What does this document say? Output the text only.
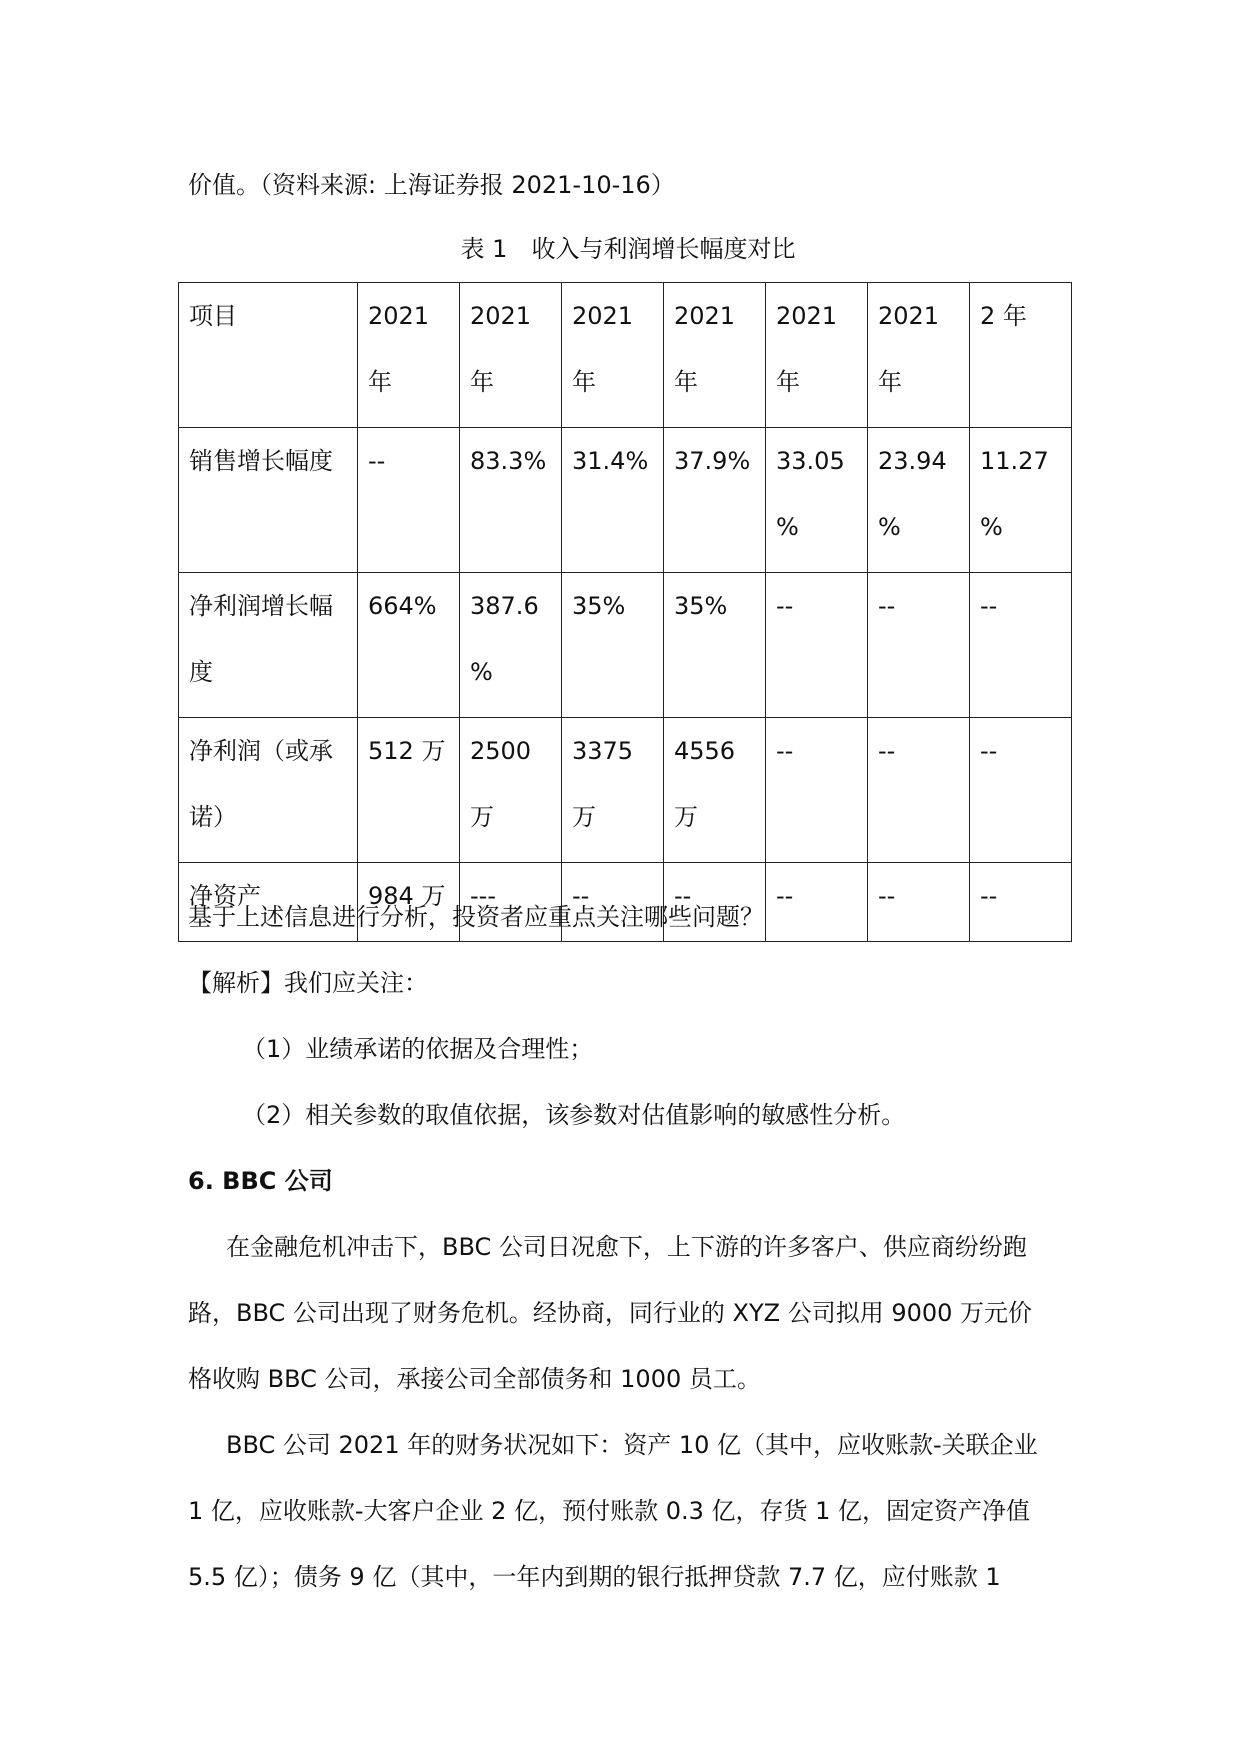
价值。（资料来源: 上海证券报 2021-10-16）
表 1　收入与利润增长幅度对比
项目	2021 年	2021 年	2021 年	2021 年	2021 年	2021 年	2 年

销售增长幅度	--	83.3%	31.4%	37.9%	33.05 %	23.94 %	11.27 %

净利润增长幅度	664%	387.6 %	35%	35%	--	--	--

净利润（或承诺）	512 万	2500 万	3375 万	4556 万	--	--	--

净资产	984 万	---	--	--	--	--	--
基于上述信息进行分析，投资者应重点关注哪些问题？
【解析】我们应关注：
（1）业绩承诺的依据及合理性；
（2）相关参数的取值依据，该参数对估值影响的敏感性分析。
6. BBC 公司
在金融危机冲击下，BBC 公司日况愈下，上下游的许多客户、供应商纷纷跑
路，BBC 公司出现了财务危机。经协商，同行业的 XYZ 公司拟用 9000 万元价
格收购 BBC 公司，承接公司全部债务和 1000 员工。
BBC 公司 2021 年的财务状况如下：资产 10 亿（其中，应收账款-关联企业
1 亿，应收账款-大客户企业 2 亿，预付账款 0.3 亿，存货 1 亿，固定资产净值
5.5 亿）；债务 9 亿（其中，一年内到期的银行抵押贷款 7.7 亿，应付账款 1
